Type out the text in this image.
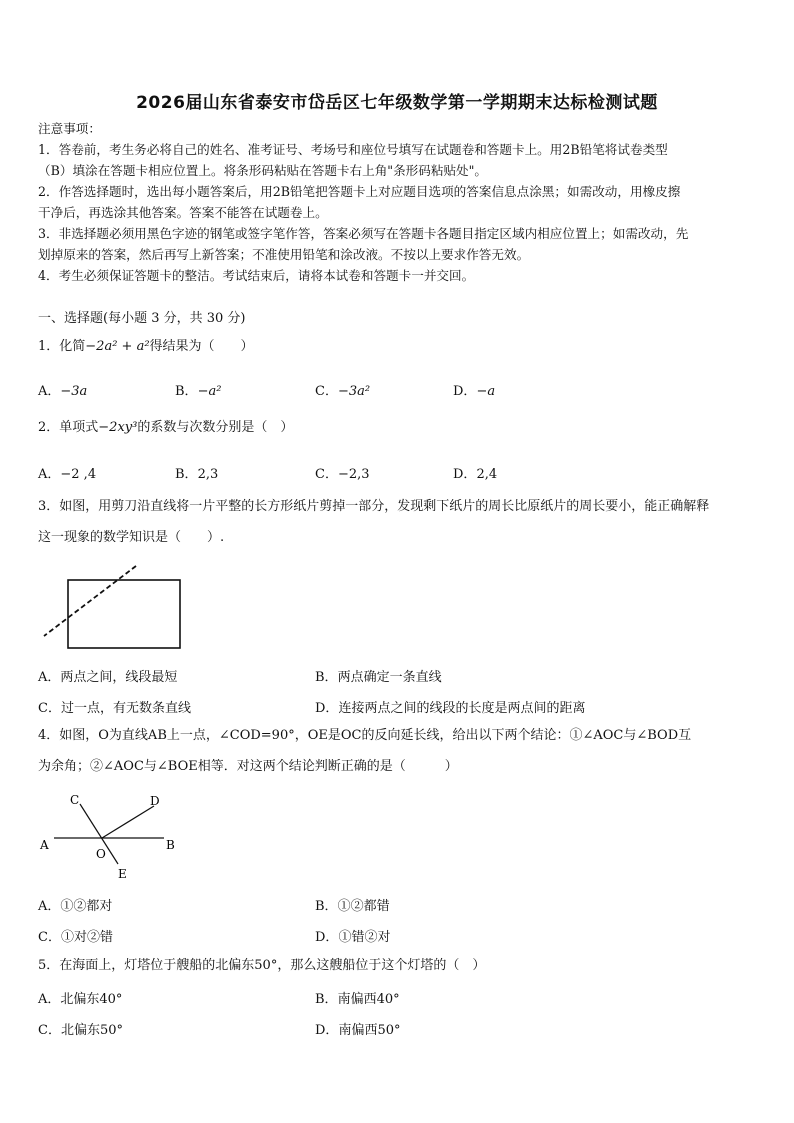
2026届山东省泰安市岱岳区七年级数学第一学期期末达标检测试题

注意事项：

1．答卷前，考生务必将自己的姓名、准考证号、考场号和座位号填写在试题卷和答题卡上。用2B铅笔将试卷类型

（B）填涂在答题卡相应位置上。将条形码粘贴在答题卡右上角"条形码粘贴处"。

2．作答选择题时，选出每小题答案后，用2B铅笔把答题卡上对应题目选项的答案信息点涂黑；如需改动，用橡皮擦

干净后，再选涂其他答案。答案不能答在试题卷上。

3．非选择题必须用黑色字迹的钢笔或签字笔作答，答案必须写在答题卡各题目指定区域内相应位置上；如需改动，先

划掉原来的答案，然后再写上新答案；不准使用铅笔和涂改液。不按以上要求作答无效。

4．考生必须保证答题卡的整洁。考试结束后，请将本试卷和答题卡一并交回。

一、选择题(每小题 3 分，共 30 分)

1．化简−2a² + a²得结果为（　　）

A．−3a	B．−a²	C．−3a²	D．−a

2．单项式−2xy³的系数与次数分别是（　）

A．−2 ,4	B．2,3	C．−2,3	D．2,4

3．如图，用剪刀沿直线将一片平整的长方形纸片剪掉一部分，发现剩下纸片的周长比原纸片的周长要小，能正确解释

这一现象的数学知识是（　　）.

A．两点之间，线段最短	B．两点确定一条直线
C．过一点，有无数条直线	D．连接两点之间的线段的长度是两点间的距离

4．如图，O为直线AB上一点，∠COD=90°，OE是OC的反向延长线，给出以下两个结论：①∠AOC与∠BOD互

为余角；②∠AOC与∠BOE相等．对这两个结论判断正确的是（　　　）

A	B
C	D
O
E
A．①②都对	B．①②都错
C．①对②错	D．①错②对

5．在海面上，灯塔位于艘船的北偏东50°，那么这艘船位于这个灯塔的（　）

A．北偏东40°	B．南偏西40°
C．北偏东50°	D．南偏西50°
